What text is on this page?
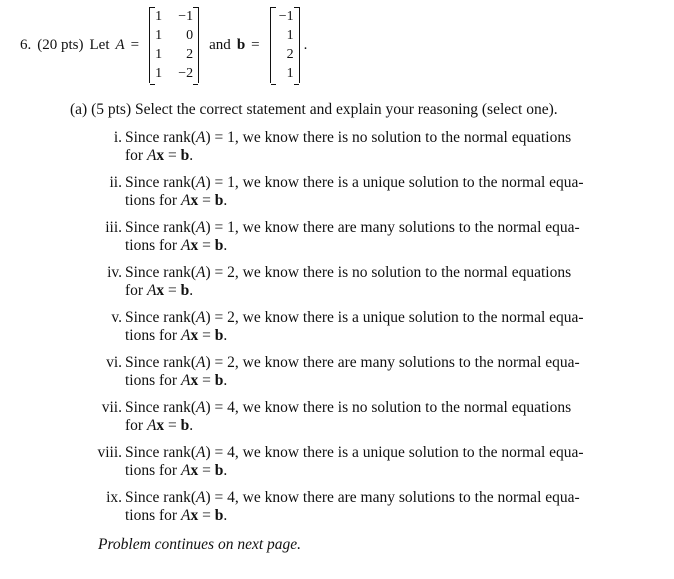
6. (20 pts) Let A =
1	−1
1	0
1	2
1	−2
and b =
−1
1
2
1
.
(a) (5 pts) Select the correct statement and explain your reasoning (select one).
i. Since rank(A) = 1, we know there is no solution to the normal equations
for Ax = b.
ii. Since rank(A) = 1, we know there is a unique solution to the normal equa-
tions for Ax = b.
iii. Since rank(A) = 1, we know there are many solutions to the normal equa-
tions for Ax = b.
iv. Since rank(A) = 2, we know there is no solution to the normal equations
for Ax = b.
v. Since rank(A) = 2, we know there is a unique solution to the normal equa-
tions for Ax = b.
vi. Since rank(A) = 2, we know there are many solutions to the normal equa-
tions for Ax = b.
vii. Since rank(A) = 4, we know there is no solution to the normal equations
for Ax = b.
viii. Since rank(A) = 4, we know there is a unique solution to the normal equa-
tions for Ax = b.
ix. Since rank(A) = 4, we know there are many solutions to the normal equa-
tions for Ax = b.
Problem continues on next page.
